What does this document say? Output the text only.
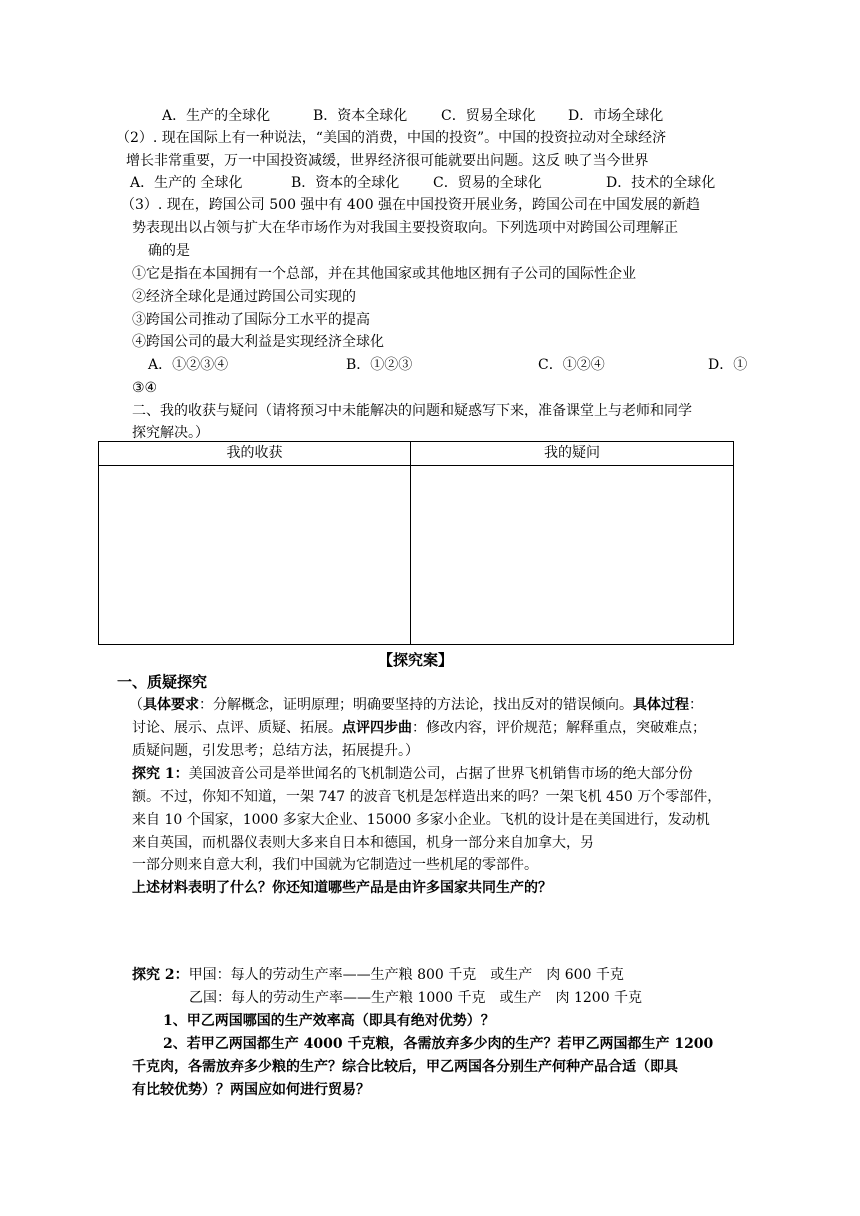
A．生产的全球化	B．资本全球化 C．贸易全球化 D．市场全球化
（2）. 现在国际上有一种说法，“美国的消费，中国的投资”。中国的投资拉动对全球经济
增长非常重要，万一中国投资减缓，世界经济很可能就要出问题。这反 映了当今世界
A．生产的 全球化	B．资本的全球化 C．贸易的全球化	D．技术的全球化
（3）. 现在，跨国公司 500 强中有 400 强在中国投资开展业务，跨国公司在中国发展的新趋
势表现出以占领与扩大在华市场作为对我国主要投资取向。下列选项中对跨国公司理解正
确的是
①它是指在本国拥有一个总部，并在其他国家或其他地区拥有子公司的国际性企业
②经济全球化是通过跨国公司实现的
③跨国公司推动了国际分工水平的提高
④跨国公司的最大利益是实现经济全球化
A．①②③④	B．①②③	C．①②④	D．①
③④
二、我的收获与疑问（请将预习中未能解决的问题和疑惑写下来，准备课堂上与老师和同学
探究解决。）
我的收获	我的疑问

【探究案】
一、质疑探究
（具体要求：分解概念，证明原理；明确要坚持的方法论，找出反对的错误倾向。具体过程：
讨论、展示、点评、质疑、拓展。点评四步曲：修改内容，评价规范；解释重点，突破难点；
质疑问题，引发思考；总结方法，拓展提升。）
探究 1：美国波音公司是举世闻名的飞机制造公司，占据了世界飞机销售市场的绝大部分份
额。不过，你知不知道，一架 747 的波音飞机是怎样造出来的吗？一架飞机 450 万个零部件，
来自 10 个国家，1000 多家大企业、15000 多家小企业。飞机的设计是在美国进行，发动机
来自英国，而机器仪表则大多来自日本和德国，机身一部分来自加拿大，另
一部分则来自意大利，我们中国就为它制造过一些机尾的零部件。
上述材料表明了什么？你还知道哪些产品是由许多国家共同生产的？
探究 2：甲国：每人的劳动生产率——生产粮 800 千克　或生产　肉 600 千克
乙国：每人的劳动生产率——生产粮 1000 千克　或生产　肉 1200 千克
1、甲乙两国哪国的生产效率高（即具有绝对优势）？
2、若甲乙两国都生产 4000 千克粮，各需放弃多少肉的生产？若甲乙两国都生产 1200
千克肉，各需放弃多少粮的生产？综合比较后，甲乙两国各分别生产何种产品合适（即具
有比较优势）？两国应如何进行贸易？
